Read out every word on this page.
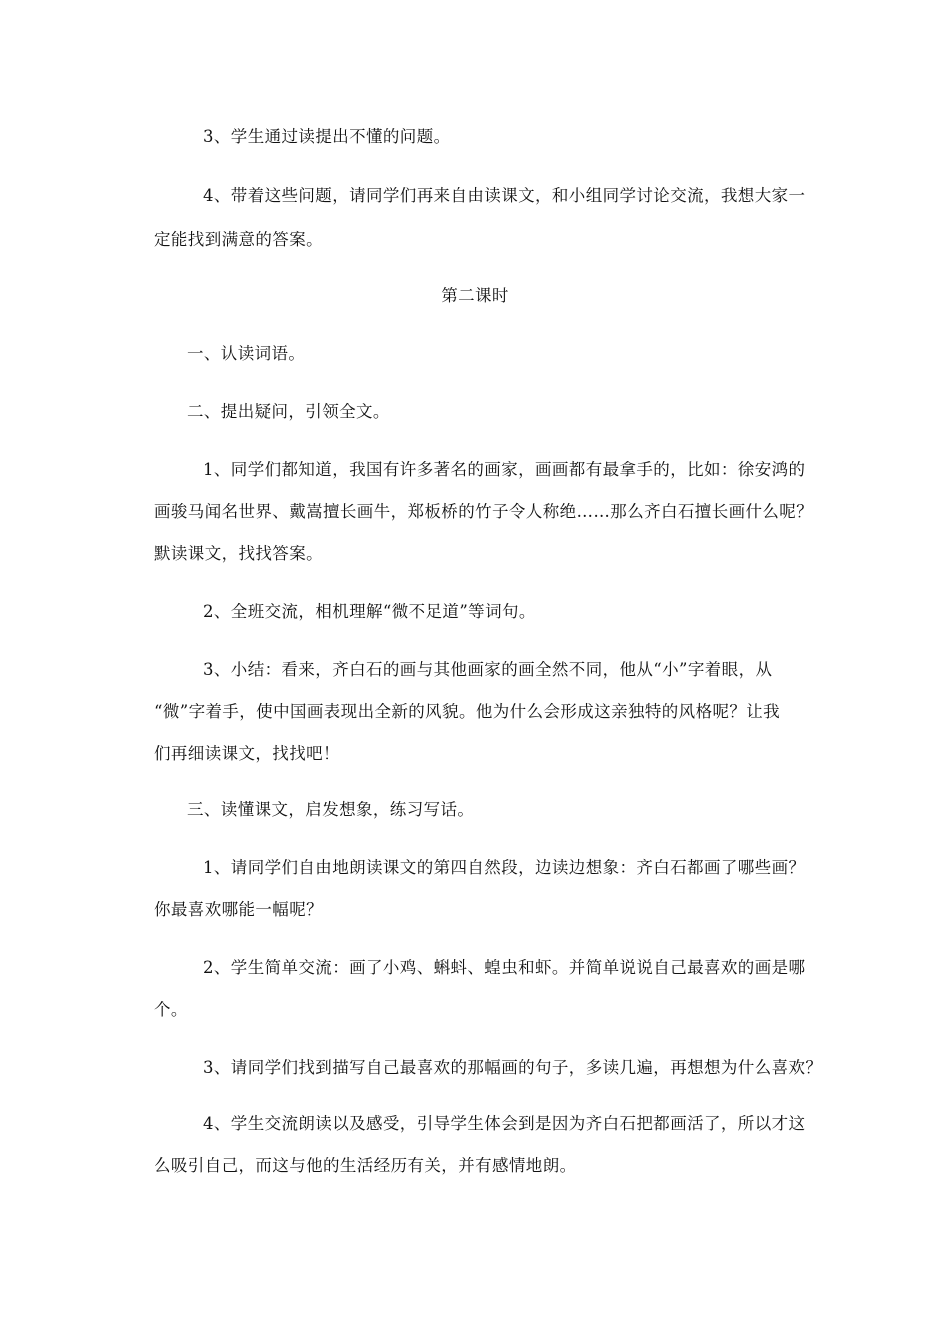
3、学生通过读提出不懂的问题。
4、带着这些问题，请同学们再来自由读课文，和小组同学讨论交流，我想大家一
定能找到满意的答案。
第二课时
一、认读词语。
二、提出疑问，引领全文。
1、同学们都知道，我国有许多著名的画家，画画都有最拿手的，比如：徐安鸿的
画骏马闻名世界、戴嵩擅长画牛，郑板桥的竹子令人称绝……那么齐白石擅长画什么呢？
默读课文，找找答案。
2、全班交流，相机理解“微不足道”等词句。
3、小结：看来，齐白石的画与其他画家的画全然不同，他从“小”字着眼，从
“微”字着手，使中国画表现出全新的风貌。他为什么会形成这亲独特的风格呢？让我
们再细读课文，找找吧！
三、读懂课文，启发想象，练习写话。
1、请同学们自由地朗读课文的第四自然段，边读边想象：齐白石都画了哪些画？
你最喜欢哪能一幅呢？
2、学生简单交流：画了小鸡、蝌蚪、蝗虫和虾。并简单说说自己最喜欢的画是哪
个。
3、请同学们找到描写自己最喜欢的那幅画的句子，多读几遍，再想想为什么喜欢？
4、学生交流朗读以及感受，引导学生体会到是因为齐白石把都画活了，所以才这
么吸引自己，而这与他的生活经历有关，并有感情地朗。
